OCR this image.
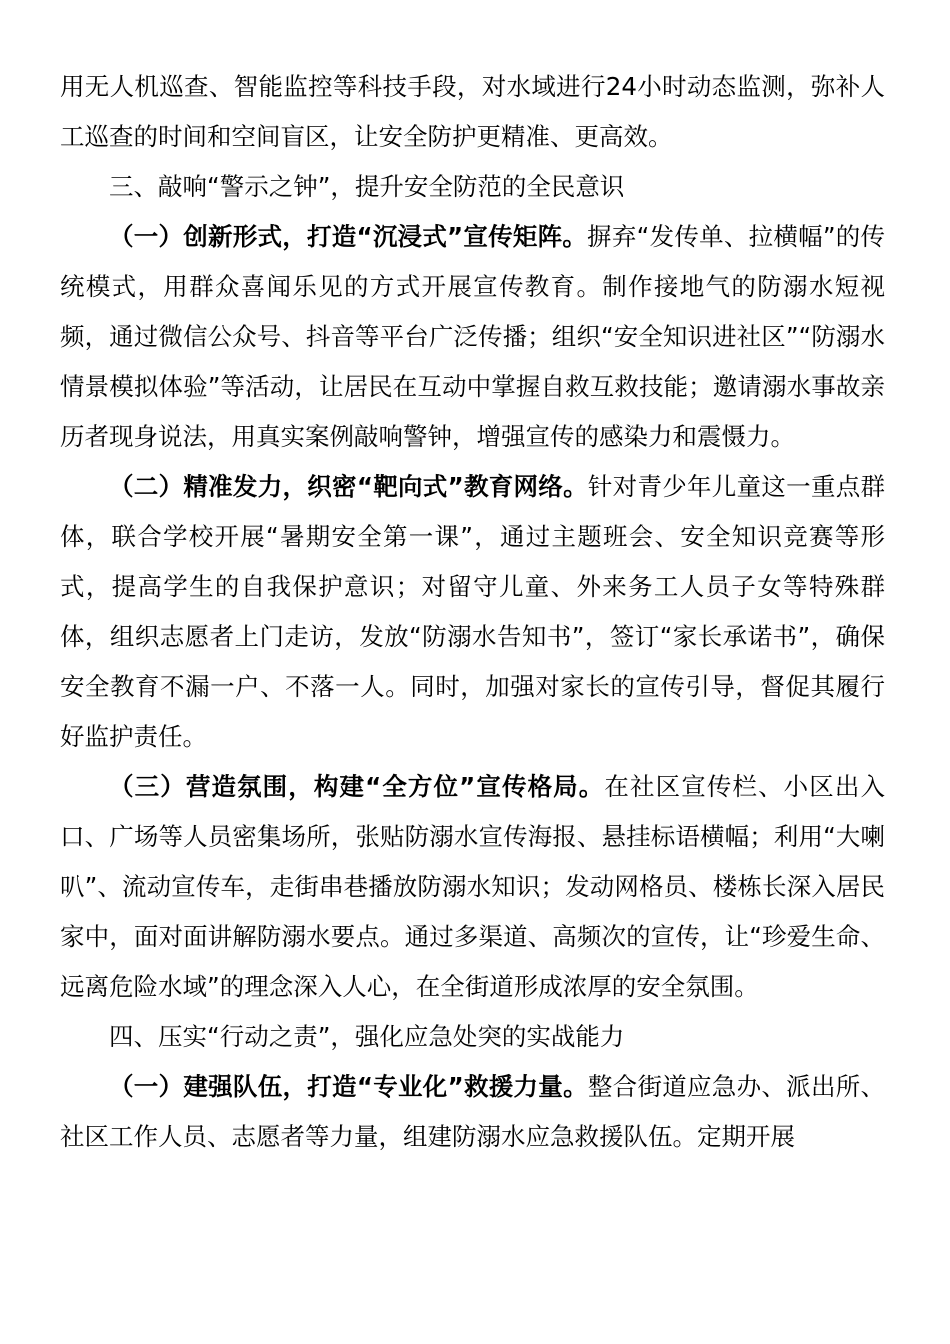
用无人机巡查、智能监控等科技手段，对水域进行24小时动态监测，弥补人工巡查的时间和空间盲区，让安全防护更精准、更高效。

三、敲响“警示之钟”，提升安全防范的全民意识

（一）创新形式，打造“沉浸式”宣传矩阵。摒弃“发传单、拉横幅”的传统模式，用群众喜闻乐见的方式开展宣传教育。制作接地气的防溺水短视频，通过微信公众号、抖音等平台广泛传播；组织“安全知识进社区”“防溺水情景模拟体验”等活动，让居民在互动中掌握自救互救技能；邀请溺水事故亲历者现身说法，用真实案例敲响警钟，增强宣传的感染力和震慑力。

（二）精准发力，织密“靶向式”教育网络。针对青少年儿童这一重点群体，联合学校开展“暑期安全第一课”，通过主题班会、安全知识竞赛等形式，提高学生的自我保护意识；对留守儿童、外来务工人员子女等特殊群体，组织志愿者上门走访，发放“防溺水告知书”，签订“家长承诺书”，确保安全教育不漏一户、不落一人。同时，加强对家长的宣传引导，督促其履行好监护责任。

（三）营造氛围，构建“全方位”宣传格局。在社区宣传栏、小区出入口、广场等人员密集场所，张贴防溺水宣传海报、悬挂标语横幅；利用“大喇叭”、流动宣传车，走街串巷播放防溺水知识；发动网格员、楼栋长深入居民家中，面对面讲解防溺水要点。通过多渠道、高频次的宣传，让“珍爱生命、远离危险水域”的理念深入人心，在全街道形成浓厚的安全氛围。

四、压实“行动之责”，强化应急处突的实战能力

（一）建强队伍，打造“专业化”救援力量。整合街道应急办、派出所、社区工作人员、志愿者等力量，组建防溺水应急救援队伍。定期开展
